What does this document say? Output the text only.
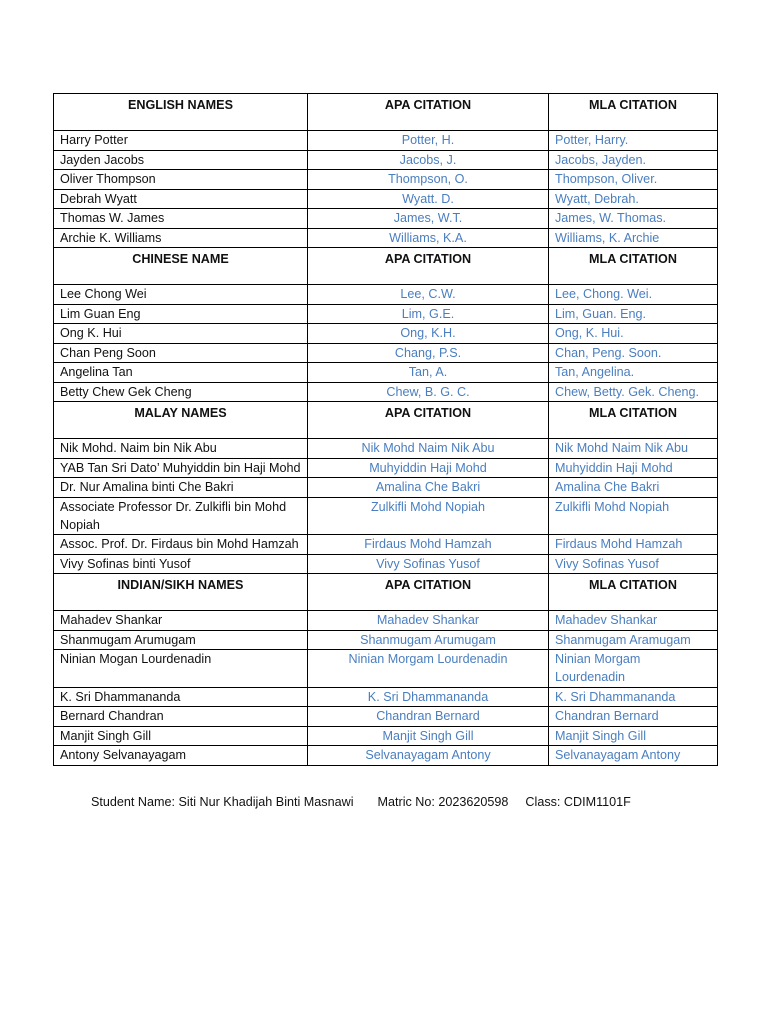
ENGLISH NAMES	APA CITATION	MLA CITATION
Harry Potter	Potter, H.	Potter, Harry.
Jayden Jacobs	Jacobs, J.	Jacobs, Jayden.
Oliver Thompson	Thompson, O.	Thompson, Oliver.
Debrah Wyatt	Wyatt. D.	Wyatt, Debrah.
Thomas W. James	James, W.T.	James, W. Thomas.
Archie K. Williams	Williams, K.A.	Williams, K. Archie
CHINESE NAME	APA CITATION	MLA CITATION
Lee Chong Wei	Lee, C.W.	Lee, Chong. Wei.
Lim Guan Eng	Lim, G.E.	Lim, Guan. Eng.
Ong K. Hui	Ong, K.H.	Ong, K. Hui.
Chan Peng Soon	Chang, P.S.	Chan, Peng. Soon.
Angelina Tan	Tan, A.	Tan, Angelina.
Betty Chew Gek Cheng	Chew, B. G. C.	Chew, Betty. Gek. Cheng.
MALAY NAMES	APA CITATION	MLA CITATION
Nik Mohd. Naim bin Nik Abu	Nik Mohd Naim Nik Abu	Nik Mohd Naim Nik Abu
YAB Tan Sri Dato’ Muhyiddin bin Haji Mohd	Muhyiddin Haji Mohd	Muhyiddin Haji Mohd
Dr. Nur Amalina binti Che Bakri	Amalina Che Bakri	Amalina Che Bakri
Associate Professor Dr. Zulkifli bin Mohd Nopiah	Zulkifli Mohd Nopiah	Zulkifli Mohd Nopiah
Assoc. Prof. Dr. Firdaus bin Mohd Hamzah	Firdaus Mohd Hamzah	Firdaus Mohd Hamzah
Vivy Sofinas binti Yusof	Vivy Sofinas Yusof	Vivy Sofinas Yusof
INDIAN/SIKH NAMES	APA CITATION	MLA CITATION
Mahadev Shankar	Mahadev Shankar	Mahadev Shankar
Shanmugam Arumugam	Shanmugam Arumugam	Shanmugam Aramugam
Ninian Mogan Lourdenadin	Ninian Morgam Lourdenadin	Ninian Morgam Lourdenadin
K. Sri Dhammananda	K. Sri Dhammananda	K. Sri Dhammananda
Bernard Chandran	Chandran Bernard	Chandran Bernard
Manjit Singh Gill	Manjit Singh Gill	Manjit Singh Gill
Antony Selvanayagam	Selvanayagam Antony	Selvanayagam Antony
Student Name: Siti Nur Khadijah Binti Masnawi Matric No: 2023620598 Class: CDIM1101F
